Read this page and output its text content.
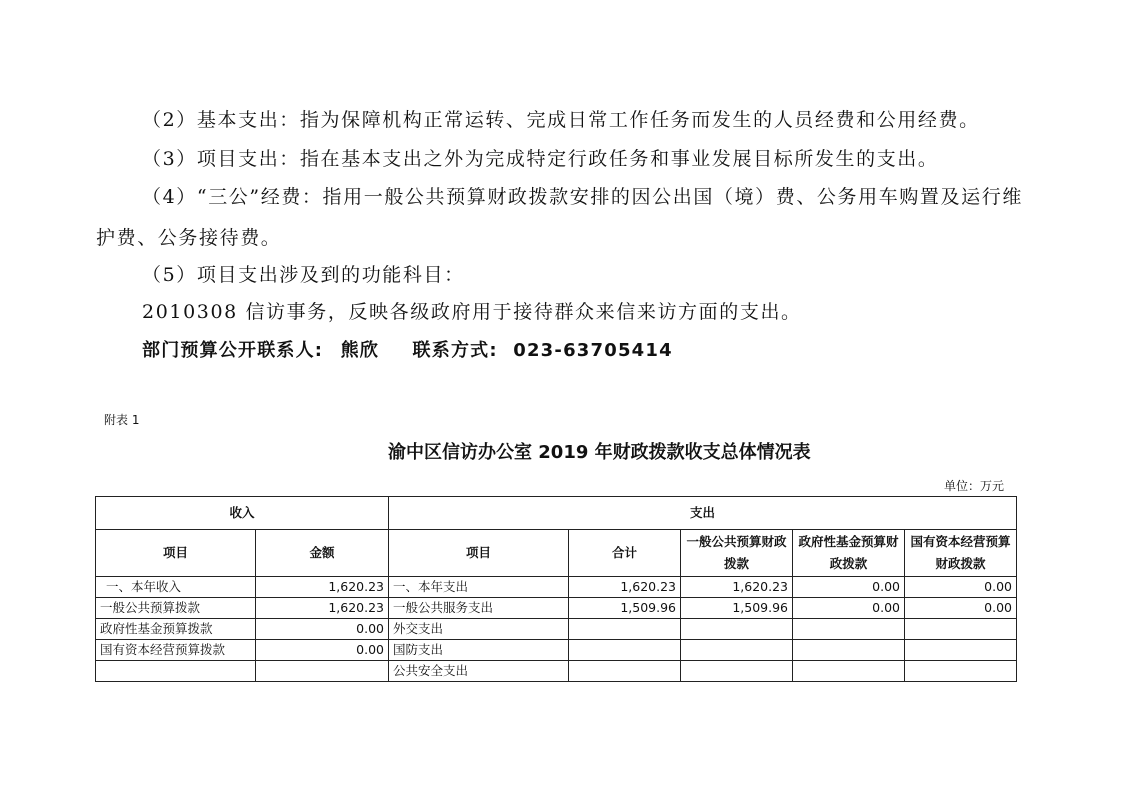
（2）基本支出：指为保障机构正常运转、完成日常工作任务而发生的人员经费和公用经费。

（3）项目支出：指在基本支出之外为完成特定行政任务和事业发展目标所发生的支出。

（4）“三公”经费：指用一般公共预算财政拨款安排的因公出国（境）费、公务用车购置及运行维护费、公务接待费。

（5）项目支出涉及到的功能科目：

2010308 信访事务，反映各级政府用于接待群众来信来访方面的支出。

部门预算公开联系人: 熊欣 联系方式: 023-63705414
附表 1
渝中区信访办公室 2019 年财政拨款收支总体情况表
单位：万元
收入		支出				
项目	金额	项目	合计	一般公共预算财政拨款	政府性基金预算财政拨款	国有资本经营预算财政拨款
一、本年收入	1,620.23	一、本年支出	1,620.23	1,620.23	0.00	0.00
一般公共预算拨款	1,620.23	一般公共服务支出	1,509.96	1,509.96	0.00	0.00
政府性基金预算拨款	0.00	外交支出				
国有资本经营预算拨款	0.00	国防支出				
		公共安全支出				
